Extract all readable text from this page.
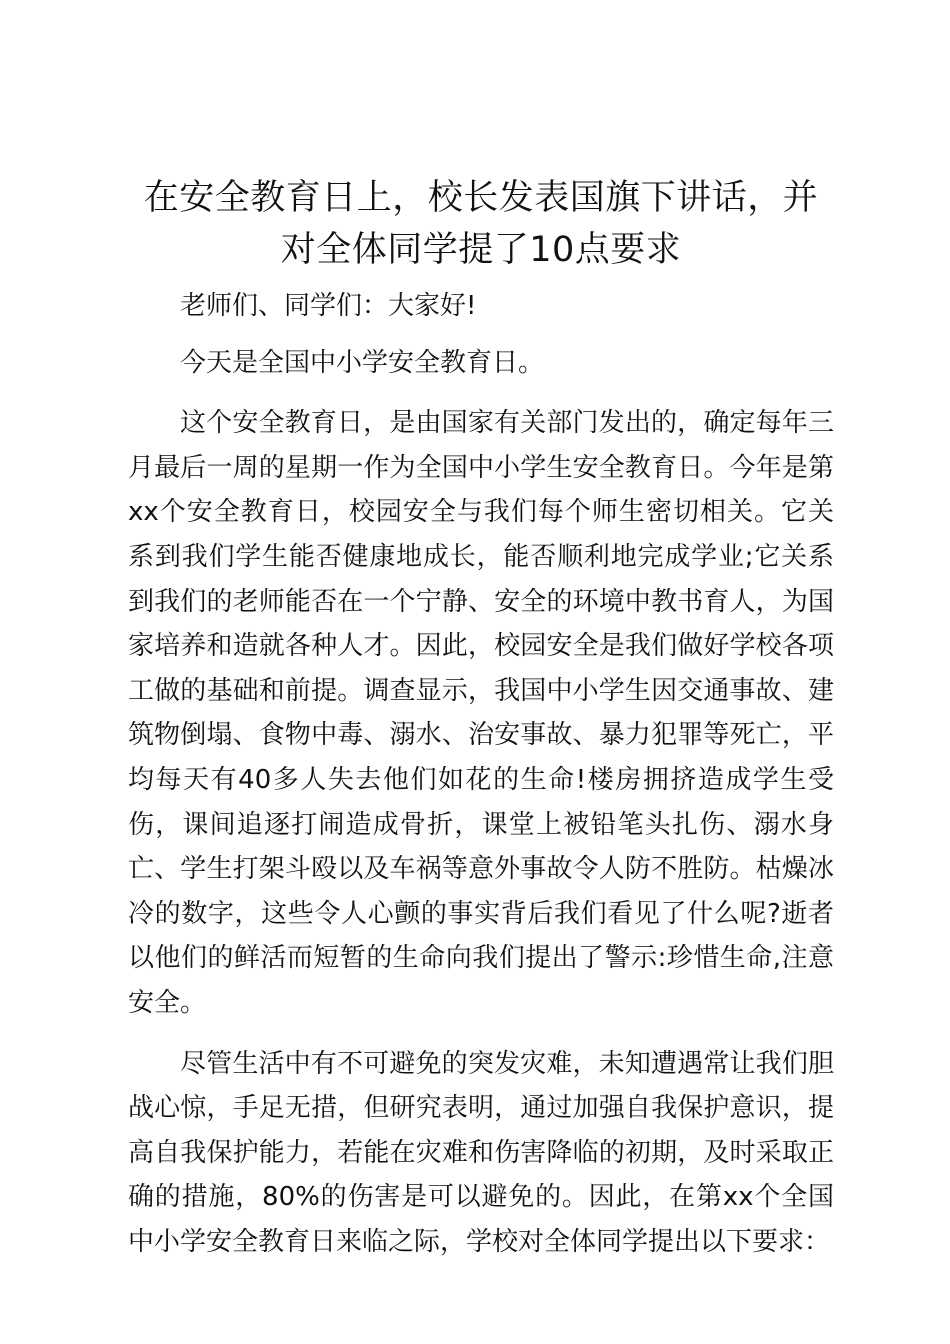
在安全教育日上，校长发表国旗下讲话，并对全体同学提了10点要求

老师们、同学们：大家好!

今天是全国中小学安全教育日。

这个安全教育日，是由国家有关部门发出的，确定每年三月最后一周的星期一作为全国中小学生安全教育日。今年是第xx个安全教育日，校园安全与我们每个师生密切相关。它关系到我们学生能否健康地成长，能否顺利地完成学业;它关系到我们的老师能否在一个宁静、安全的环境中教书育人，为国家培养和造就各种人才。因此，校园安全是我们做好学校各项工做的基础和前提。调查显示，我国中小学生因交通事故、建筑物倒塌、食物中毒、溺水、治安事故、暴力犯罪等死亡，平均每天有40多人失去他们如花的生命!楼房拥挤造成学生受伤，课间追逐打闹造成骨折，课堂上被铅笔头扎伤、溺水身亡、学生打架斗殴以及车祸等意外事故令人防不胜防。枯燥冰冷的数字，这些令人心颤的事实背后我们看见了什么呢?逝者以他们的鲜活而短暂的生命向我们提出了警示:珍惜生命,注意安全。

尽管生活中有不可避免的突发灾难，未知遭遇常让我们胆战心惊，手足无措，但研究表明，通过加强自我保护意识，提高自我保护能力，若能在灾难和伤害降临的初期，及时采取正确的措施，80%的伤害是可以避免的。因此，在第xx个全国中小学安全教育日来临之际，学校对全体同学提出以下要求：
